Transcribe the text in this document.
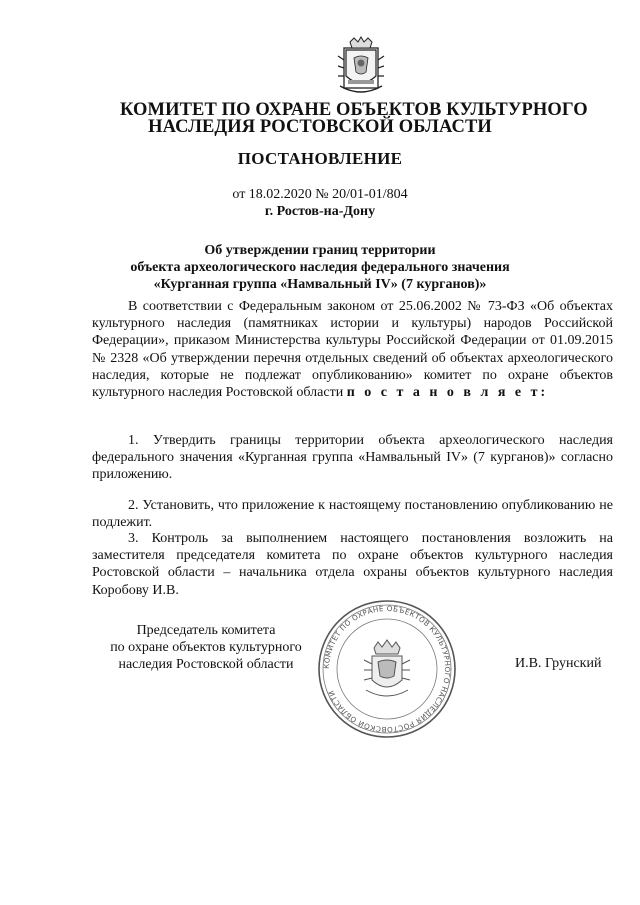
КОМИТЕТ ПО ОХРАНЕ ОБЪЕКТОВ КУЛЬТУРНОГО
НАСЛЕДИЯ РОСТОВСКОЙ ОБЛАСТИ
ПОСТАНОВЛЕНИЕ
от 18.02.2020 № 20/01-01/804
г. Ростов-на-Дону
Об утверждении границ территории
объекта археологического наследия федерального значения
«Курганная группа «Намвальный IV» (7 курганов)»
В соответствии с Федеральным законом от 25.06.2002 № 73-ФЗ «Об объектах культурного наследия (памятниках истории и культуры) народов Российской Федерации», приказом Министерства культуры Российской Федерации от 01.09.2015 № 2328 «Об утверждении перечня отдельных сведений об объектах археологического наследия, которые не подлежат опубликованию» комитет по охране объектов культурного наследия Ростовской области п о с т а н о в л я е т:
1. Утвердить границы территории объекта археологического наследия федерального значения «Курганная группа «Намвальный IV» (7 курганов)» согласно приложению.
2. Установить, что приложение к настоящему постановлению опубликованию не подлежит.
3. Контроль за выполнением настоящего постановления возложить на заместителя председателя комитета по охране объектов культурного наследия Ростовской области – начальника отдела охраны объектов культурного наследия Коробову И.В.
Председатель комитета
по охране объектов культурного
наследия Ростовской области	КОМИТЕТ ПО ОХРАНЕ ОБЪЕКТОВ КУЛЬТУРНОГО НАСЛЕДИЯ РОСТОВСКОЙ ОБЛАСТИ
И.В. Грунский
